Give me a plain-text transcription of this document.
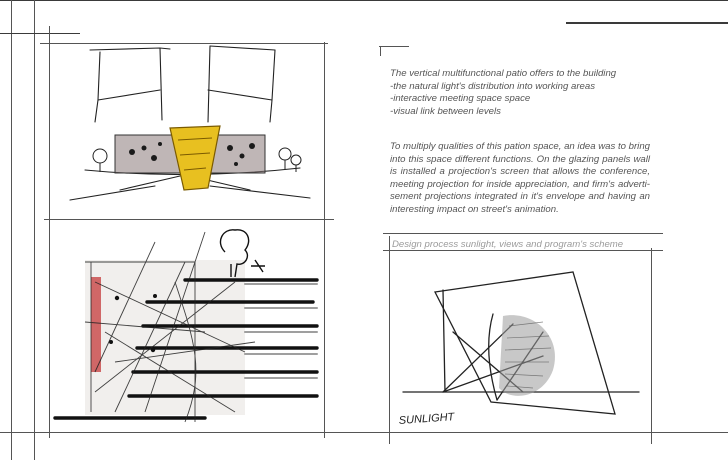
The vertical multifunctional patio offers to the building
-the natural light's distribution into working areas
-interactive meeting space space
-visual link between levels
To multiply qualities of this pation space, an idea was to bring
into this space different functions. On the glazing panels wall
is installed a projection's screen that allows the conference,
meeting projection for inside appreciation, and firm's adverti-
sement projections integrated in it's envelope and having an
interesting impact on street's animation.
Design process sunlight, views and program's scheme
SUNLIGHT
